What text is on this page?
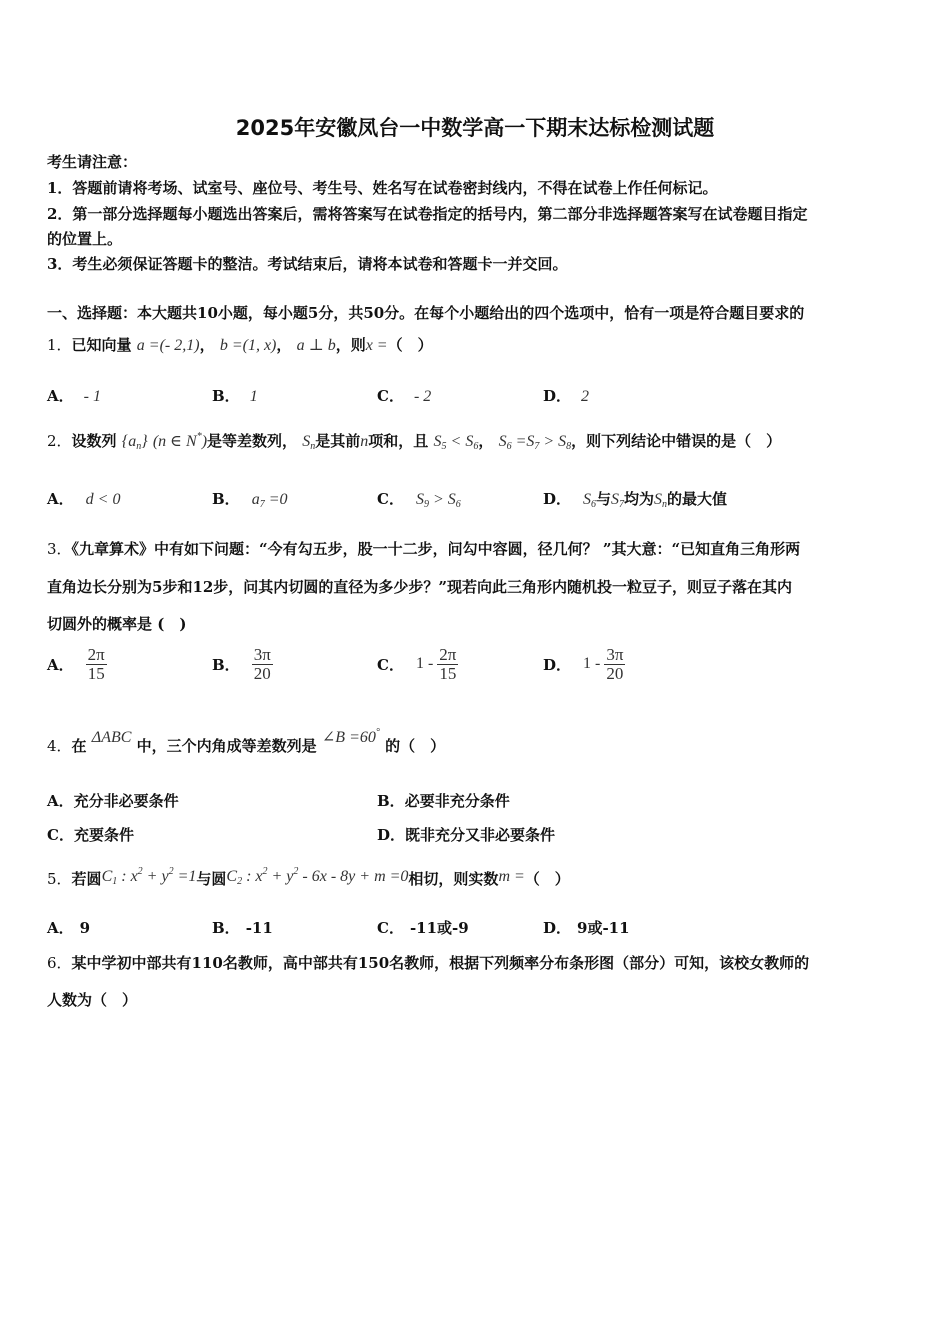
2025年安徽凤台一中数学高一下期末达标检测试题
考生请注意：
1．答题前请将考场、试室号、座位号、考生号、姓名写在试卷密封线内，不得在试卷上作任何标记。
2．第一部分选择题每小题选出答案后，需将答案写在试卷指定的括号内，第二部分非选择题答案写在试卷题目指定
的位置上。
3．考生必须保证答题卡的整洁。考试结束后，请将本试卷和答题卡一并交回。
一、选择题：本大题共10小题，每小题5分，共50分。在每个小题给出的四个选项中，恰有一项是符合题目要求的
1．已知向量 a =(- 2,1)， b =(1, x)， a ⊥ b，则x =（　）
A． - 1	B． 1	C． - 2	D． 2
2．设数列 $\{a_n\}$ (n ∈ N*)是等差数列， $S_n$是其前n项和，且 $S_5 < S_6$， $S_6 =S_7 > S_8$，则下列结论中错误的是（　）
A． d < 0	B． $a_7 =0$	C． $S_9 > S_6$	D． $S_6$与$S_7$均为$S_n$的最大值
3．《九章算术》中有如下问题：“今有勾五步，股一十二步，问勾中容圆，径几何？ ”其大意：“已知直角三角形两
直角边长分别为5步和12步，问其内切圆的直径为多少步？”现若向此三角形内随机投一粒豆子，则豆子落在其内
切圆外的概率是 (　)
A． $\frac{2\pi}{15}$	B． $\frac{3\pi}{20}$	C． $1 - \frac{2\pi}{15}$	D． $1 - \frac{3\pi}{20}$
4．在 ΔABC 中，三个内角成等差数列是 ∠B =60° 的（　）
A．充分非必要条件	B．必要非充分条件
C．充要条件	D．既非充分又非必要条件
5．若圆$C_1$ : $x^2 + y^2 =1$与圆$C_2$ : $x^2 + y^2 - 6x - 8y + m =0$相切，则实数m =（　）
A． 9	B． -11	C． -11或-9	D． 9或-11
6．某中学初中部共有110名教师，高中部共有150名教师，根据下列频率分布条形图（部分）可知，该校女教师的
人数为（　）
